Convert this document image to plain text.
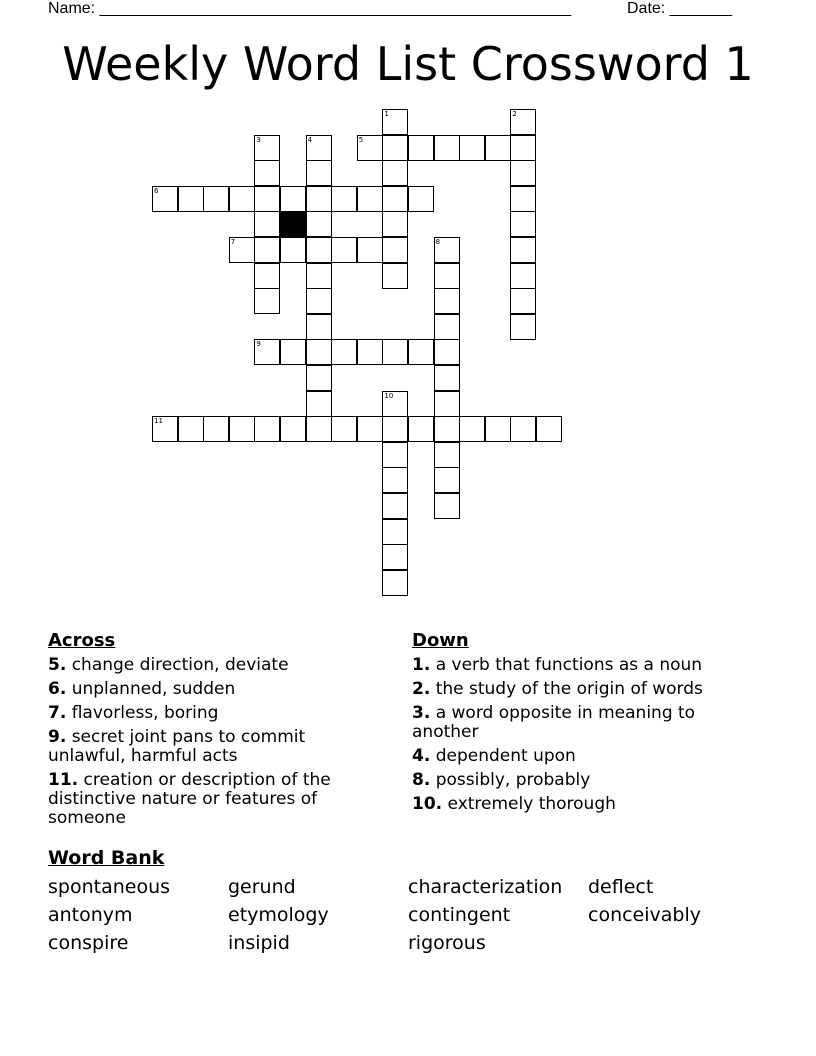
Name: _____________________________________________________	Date: _______
Weekly Word List Crossword 1
5
6
7
9
11
1	2
3	4
8
10
Across
5. change direction, deviate
6. unplanned, sudden
7. flavorless, boring
9. secret joint pans to commit unlawful, harmful acts
11. creation or description of the distinctive nature or features of someone
Down
1. a verb that functions as a noun
2. the study of the origin of words
3. a word opposite in meaning to another
4. dependent upon
8. possibly, probably
10. extremely thorough
Word Bank
spontaneous	gerund	characterization	deflect
antonym	etymology	contingent	conceivably
conspire	insipid	rigorous
